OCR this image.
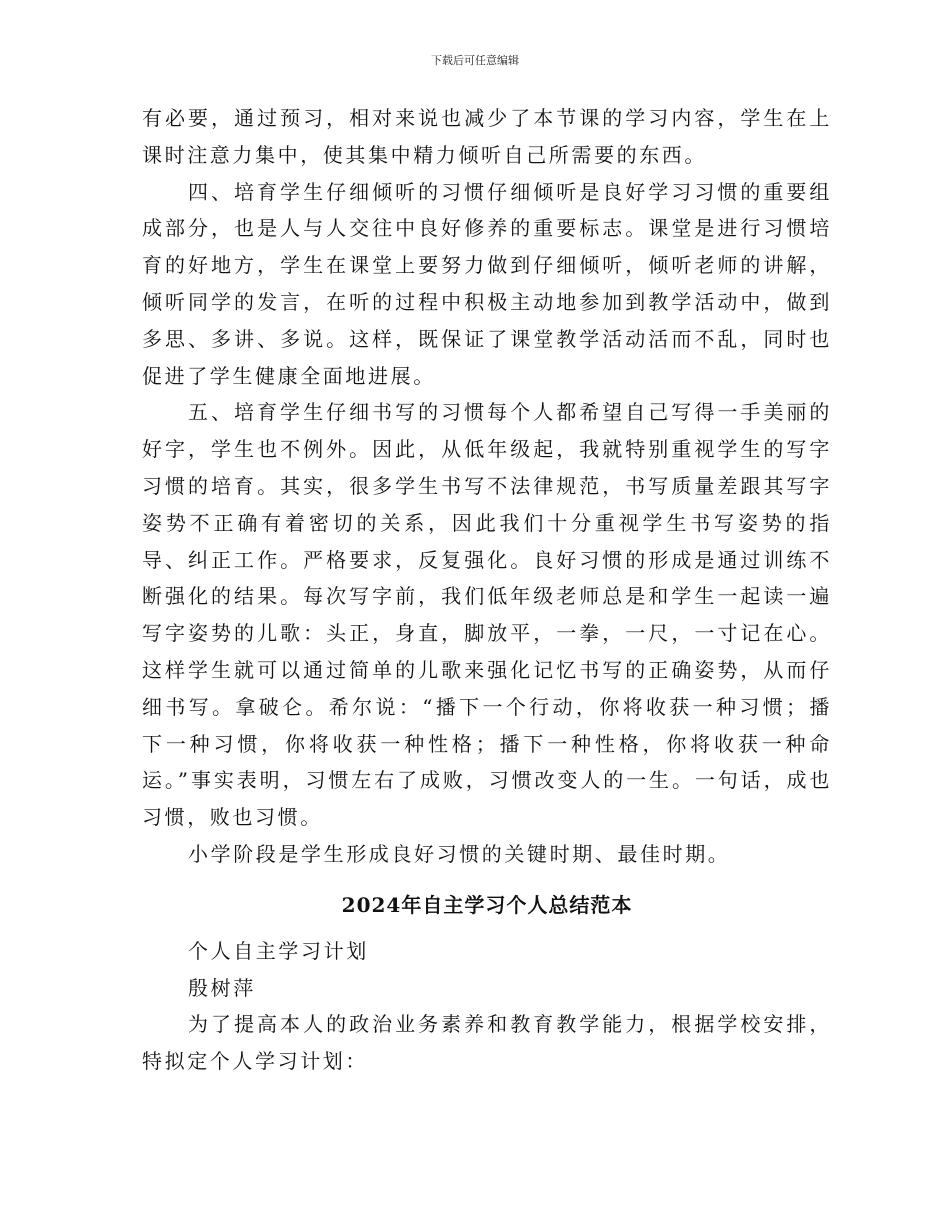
下载后可任意编辑

有必要，通过预习，相对来说也减少了本节课的学习内容，学生在上课时注意力集中，使其集中精力倾听自己所需要的东西。

四、培育学生仔细倾听的习惯仔细倾听是良好学习习惯的重要组成部分，也是人与人交往中良好修养的重要标志。课堂是进行习惯培育的好地方，学生在课堂上要努力做到仔细倾听，倾听老师的讲解，倾听同学的发言，在听的过程中积极主动地参加到教学活动中，做到多思、多讲、多说。这样，既保证了课堂教学活动活而不乱，同时也促进了学生健康全面地进展。

五、培育学生仔细书写的习惯每个人都希望自己写得一手美丽的好字，学生也不例外。因此，从低年级起，我就特别重视学生的写字习惯的培育。其实，很多学生书写不法律规范，书写质量差跟其写字姿势不正确有着密切的关系，因此我们十分重视学生书写姿势的指导、纠正工作。严格要求，反复强化。良好习惯的形成是通过训练不断强化的结果。每次写字前，我们低年级老师总是和学生一起读一遍写字姿势的儿歌：头正，身直，脚放平，一拳，一尺，一寸记在心。这样学生就可以通过简单的儿歌来强化记忆书写的正确姿势，从而仔细书写。拿破仑。希尔说：“播下一个行动，你将收获一种习惯；播下一种习惯，你将收获一种性格；播下一种性格，你将收获一种命运。”事实表明，习惯左右了成败，习惯改变人的一生。一句话，成也习惯，败也习惯。

小学阶段是学生形成良好习惯的关键时期、最佳时期。

2024年自主学习个人总结范本

个人自主学习计划

殷树萍

为了提高本人的政治业务素养和教育教学能力，根据学校安排，特拟定个人学习计划：
